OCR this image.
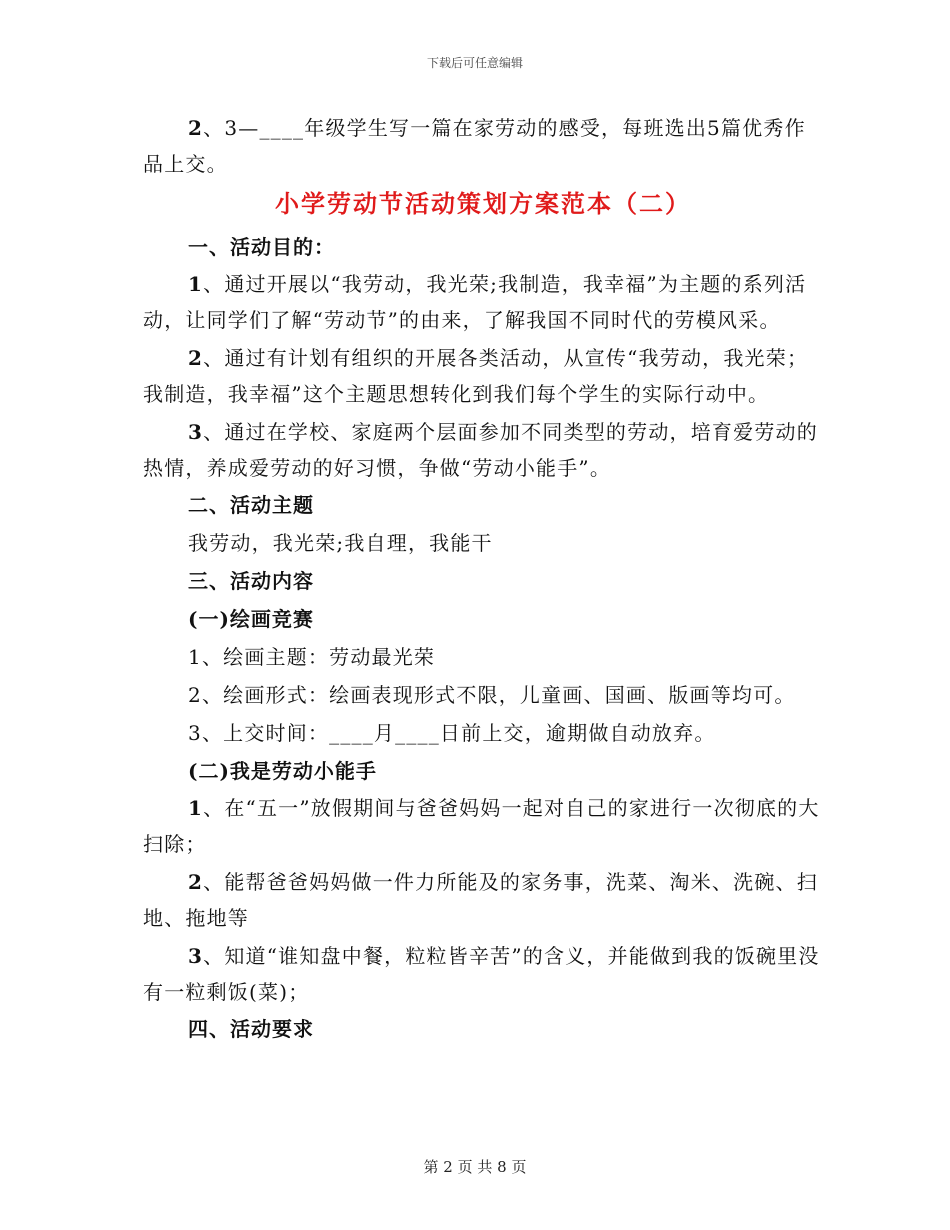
下载后可任意编辑

2、3—____年级学生写一篇在家劳动的感受，每班选出5篇优秀作品上交。

小学劳动节活动策划方案范本（二）

一、活动目的：

1、通过开展以“我劳动，我光荣;我制造，我幸福”为主题的系列活动，让同学们了解“劳动节”的由来，了解我国不同时代的劳模风采。

2、通过有计划有组织的开展各类活动，从宣传“我劳动，我光荣；我制造，我幸福”这个主题思想转化到我们每个学生的实际行动中。

3、通过在学校、家庭两个层面参加不同类型的劳动，培育爱劳动的热情，养成爱劳动的好习惯，争做“劳动小能手”。

二、活动主题

我劳动，我光荣;我自理，我能干

三、活动内容

(一)绘画竞赛

1、绘画主题：劳动最光荣

2、绘画形式：绘画表现形式不限，儿童画、国画、版画等均可。

3、上交时间：____月____日前上交，逾期做自动放弃。

(二)我是劳动小能手

1、在“五一”放假期间与爸爸妈妈一起对自己的家进行一次彻底的大扫除；

2、能帮爸爸妈妈做一件力所能及的家务事，洗菜、淘米、洗碗、扫地、拖地等

3、知道“谁知盘中餐，粒粒皆辛苦”的含义，并能做到我的饭碗里没有一粒剩饭(菜)；

四、活动要求

第 2 页 共 8 页
